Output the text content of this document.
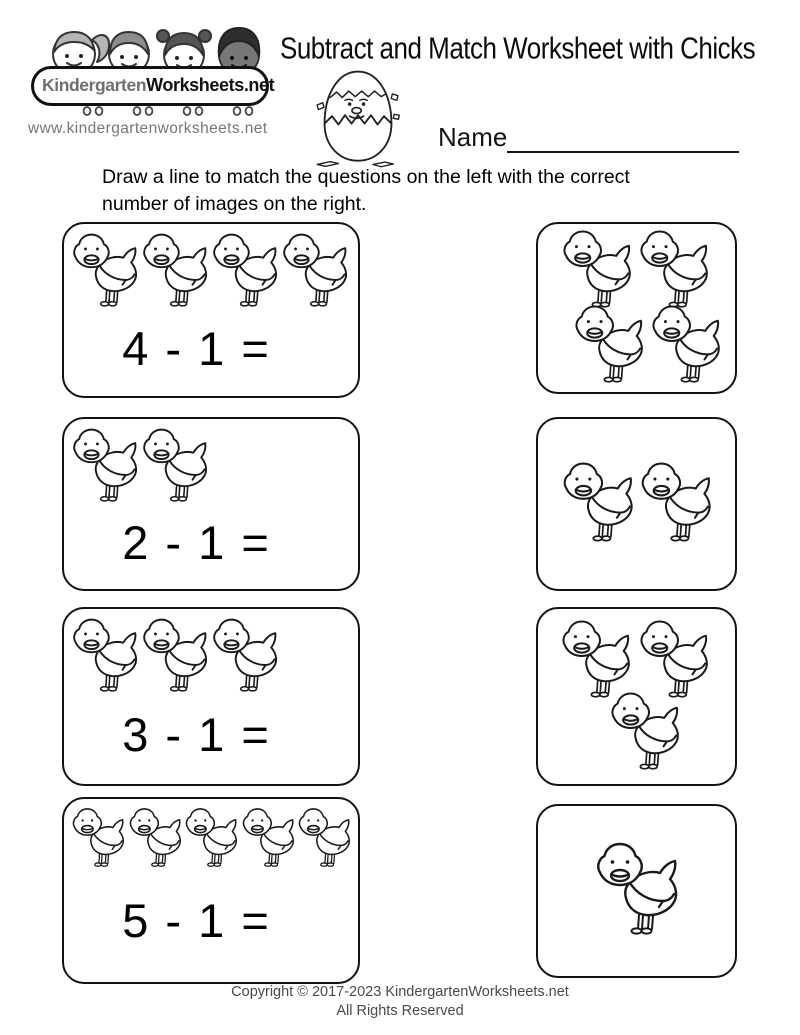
KindergartenWorksheets.net
www.kindergartenworksheets.net
Subtract and Match Worksheet with Chicks
Name
Draw a line to match the questions on the left with the correct
number of images on the right.
4 - 1 =
2 - 1 =
3 - 1 =
5 - 1 =
Copyright © 2017-2023 KindergartenWorksheets.net
All Rights Reserved
